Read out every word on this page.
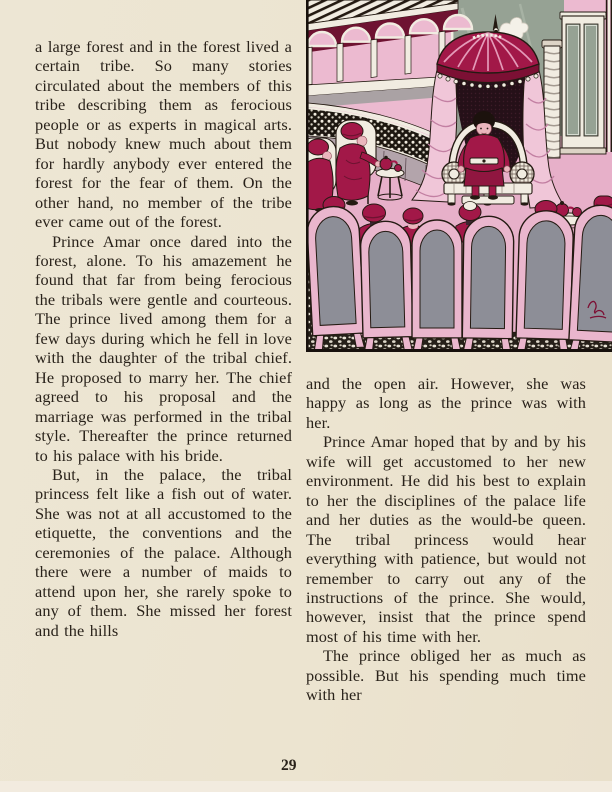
a large forest and in the forest lived a certain tribe. So many stories circulated about the members of this tribe describing them as ferocious people or as experts in magical arts. But nobody knew much about them for hardly anybody ever entered the forest for the fear of them. On the other hand, no member of the tribe ever came out of the forest.

Prince Amar once dared into the forest, alone. To his amazement he found that far from being ferocious the tribals were gentle and courteous. The prince lived among them for a few days during which he fell in love with the daughter of the tribal chief. He proposed to marry her. The chief agreed to his proposal and the marriage was performed in the tribal style. Thereafter the prince returned to his palace with his bride.

But, in the palace, the tribal princess felt like a fish out of water. She was not at all accustomed to the etiquette, the conventions and the ceremonies of the palace. Although there were a number of maids to attend upon her, she rarely spoke to any of them. She missed her forest and the hills

and the open air. However, she was happy as long as the prince was with her.

Prince Amar hoped that by and by his wife will get accustomed to her new environment. He did his best to explain to her the disciplines of the palace life and her duties as the would-be queen. The tribal princess would hear everything with patience, but would not remember to carry out any of the instructions of the prince. She would, however, insist that the prince spend most of his time with her.

The prince obliged her as much as possible. But his spending much time with her

29
